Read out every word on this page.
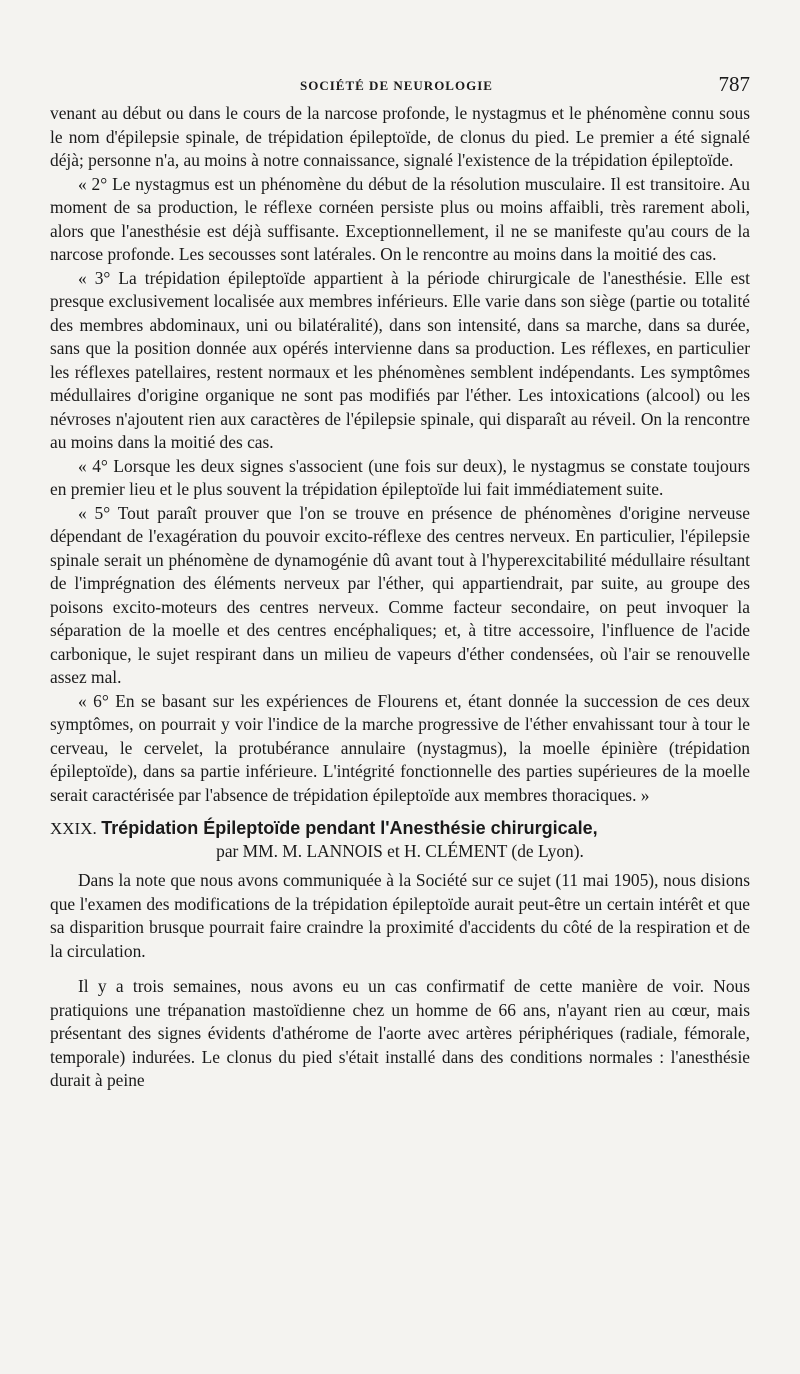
SOCIÉTÉ DE NEUROLOGIE	787

venant au début ou dans le cours de la narcose profonde, le nystagmus et le phénomène connu sous le nom d'épilepsie spinale, de trépidation épileptoïde, de clonus du pied. Le premier a été signalé déjà; personne n'a, au moins à notre connaissance, signalé l'existence de la trépidation épileptoïde.

« 2° Le nystagmus est un phénomène du début de la résolution musculaire. Il est transitoire. Au moment de sa production, le réflexe cornéen persiste plus ou moins affaibli, très rarement aboli, alors que l'anesthésie est déjà suffisante. Exceptionnellement, il ne se manifeste qu'au cours de la narcose profonde. Les secousses sont latérales. On le rencontre au moins dans la moitié des cas.

« 3° La trépidation épileptoïde appartient à la période chirurgicale de l'anesthésie. Elle est presque exclusivement localisée aux membres inférieurs. Elle varie dans son siège (partie ou totalité des membres abdominaux, uni ou bilatéralité), dans son intensité, dans sa marche, dans sa durée, sans que la position donnée aux opérés intervienne dans sa production. Les réflexes, en particulier les réflexes patellaires, restent normaux et les phénomènes semblent indépendants. Les symptômes médullaires d'origine organique ne sont pas modifiés par l'éther. Les intoxications (alcool) ou les névroses n'ajoutent rien aux caractères de l'épilepsie spinale, qui disparaît au réveil. On la rencontre au moins dans la moitié des cas.

« 4° Lorsque les deux signes s'associent (une fois sur deux), le nystagmus se constate toujours en premier lieu et le plus souvent la trépidation épileptoïde lui fait immédiatement suite.

« 5° Tout paraît prouver que l'on se trouve en présence de phénomènes d'origine nerveuse dépendant de l'exagération du pouvoir excito-réflexe des centres nerveux. En particulier, l'épilepsie spinale serait un phénomène de dynamogénie dû avant tout à l'hyperexcitabilité médullaire résultant de l'imprégnation des éléments nerveux par l'éther, qui appartiendrait, par suite, au groupe des poisons excito-moteurs des centres nerveux. Comme facteur secondaire, on peut invoquer la séparation de la moelle et des centres encéphaliques; et, à titre accessoire, l'influence de l'acide carbonique, le sujet respirant dans un milieu de vapeurs d'éther condensées, où l'air se renouvelle assez mal.

« 6° En se basant sur les expériences de Flourens et, étant donnée la succession de ces deux symptômes, on pourrait y voir l'indice de la marche progressive de l'éther envahissant tour à tour le cerveau, le cervelet, la protubérance annulaire (nystagmus), la moelle épinière (trépidation épileptoïde), dans sa partie inférieure. L'intégrité fonctionnelle des parties supérieures de la moelle serait caractérisée par l'absence de trépidation épileptoïde aux membres thoraciques. »

XXIX. Trépidation Épileptoïde pendant l'Anesthésie chirurgicale,
par MM. M. LANNOIS et H. CLÉMENT (de Lyon).

Dans la note que nous avons communiquée à la Société sur ce sujet (11 mai 1905), nous disions que l'examen des modifications de la trépidation épileptoïde aurait peut-être un certain intérêt et que sa disparition brusque pourrait faire craindre la proximité d'accidents du côté de la respiration et de la circulation.

Il y a trois semaines, nous avons eu un cas confirmatif de cette manière de voir. Nous pratiquions une trépanation mastoïdienne chez un homme de 66 ans, n'ayant rien au cœur, mais présentant des signes évidents d'athérome de l'aorte avec artères périphériques (radiale, fémorale, temporale) indurées. Le clonus du pied s'était installé dans des conditions normales : l'anesthésie durait à peine
